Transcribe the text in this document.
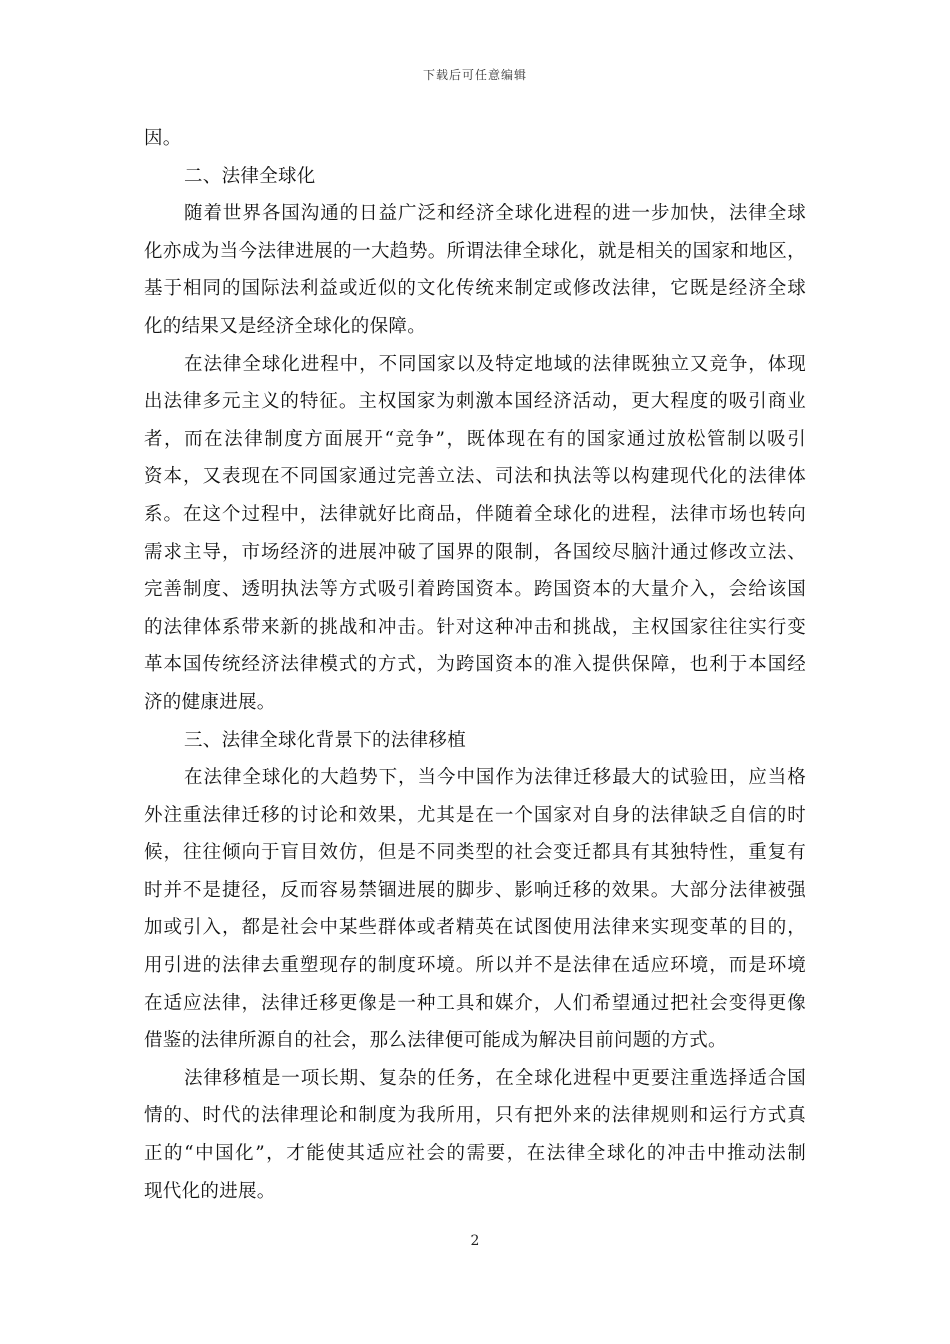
下载后可任意编辑
因。
二、法律全球化
随着世界各国沟通的日益广泛和经济全球化进程的进一步加快，法律全球
化亦成为当今法律进展的一大趋势。所谓法律全球化，就是相关的国家和地区，
基于相同的国际法利益或近似的文化传统来制定或修改法律，它既是经济全球
化的结果又是经济全球化的保障。
在法律全球化进程中，不同国家以及特定地域的法律既独立又竞争，体现
出法律多元主义的特征。主权国家为刺激本国经济活动，更大程度的吸引商业
者，而在法律制度方面展开“竞争”，既体现在有的国家通过放松管制以吸引
资本，又表现在不同国家通过完善立法、司法和执法等以构建现代化的法律体
系。在这个过程中，法律就好比商品，伴随着全球化的进程，法律市场也转向
需求主导，市场经济的进展冲破了国界的限制，各国绞尽脑汁通过修改立法、
完善制度、透明执法等方式吸引着跨国资本。跨国资本的大量介入，会给该国
的法律体系带来新的挑战和冲击。针对这种冲击和挑战，主权国家往往实行变
革本国传统经济法律模式的方式，为跨国资本的准入提供保障，也利于本国经
济的健康进展。
三、法律全球化背景下的法律移植
在法律全球化的大趋势下，当今中国作为法律迁移最大的试验田，应当格
外注重法律迁移的讨论和效果，尤其是在一个国家对自身的法律缺乏自信的时
候，往往倾向于盲目效仿，但是不同类型的社会变迁都具有其独特性，重复有
时并不是捷径，反而容易禁锢进展的脚步、影响迁移的效果。大部分法律被强
加或引入，都是社会中某些群体或者精英在试图使用法律来实现变革的目的，
用引进的法律去重塑现存的制度环境。所以并不是法律在适应环境，而是环境
在适应法律，法律迁移更像是一种工具和媒介，人们希望通过把社会变得更像
借鉴的法律所源自的社会，那么法律便可能成为解决目前问题的方式。
法律移植是一项长期、复杂的任务，在全球化进程中更要注重选择适合国
情的、时代的法律理论和制度为我所用，只有把外来的法律规则和运行方式真
正的“中国化”，才能使其适应社会的需要，在法律全球化的冲击中推动法制
现代化的进展。
2
